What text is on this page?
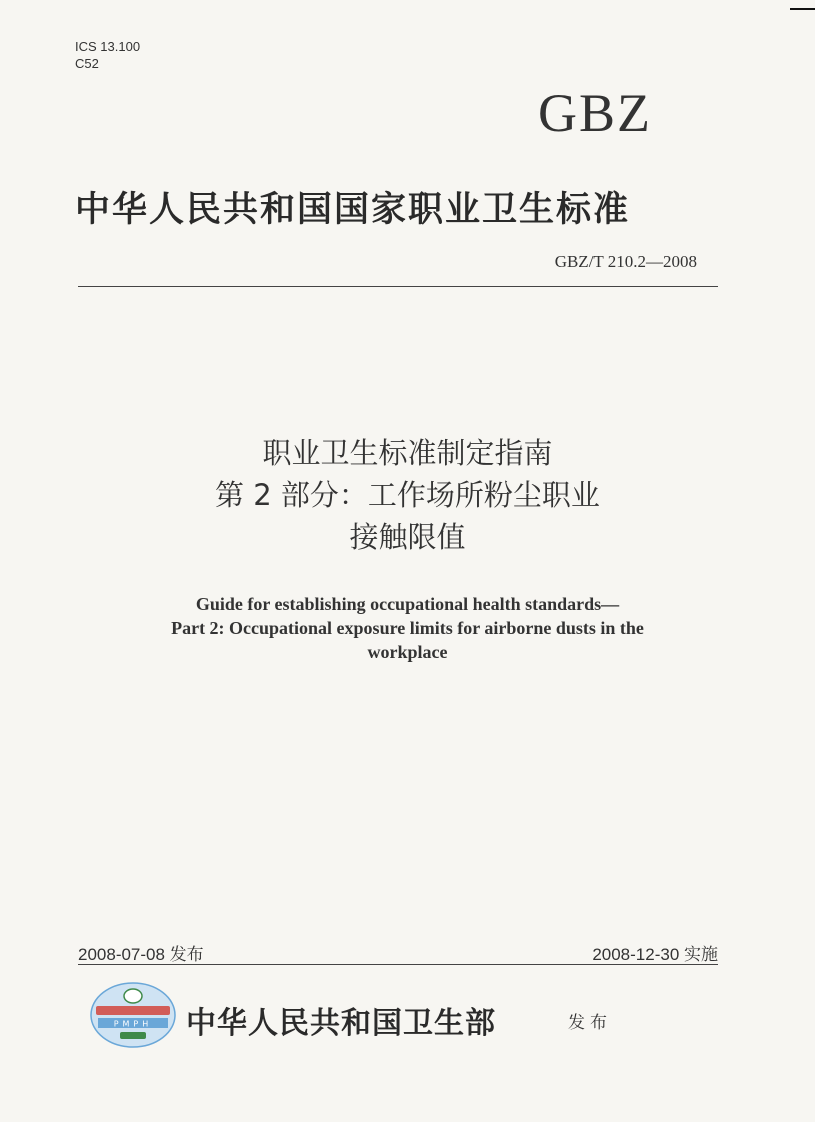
ICS 13.100
C52
GBZ
中华人民共和国国家职业卫生标准
GBZ/T 210.2—2008
职业卫生标准制定指南
第 2 部分：工作场所粉尘职业
接触限值
Guide for establishing occupational health standards—
Part 2: Occupational exposure limits for airborne dusts in the
workplace
2008-07-08 发布	2008-12-30 实施
PMPH 中华人民共和国卫生部	发布
